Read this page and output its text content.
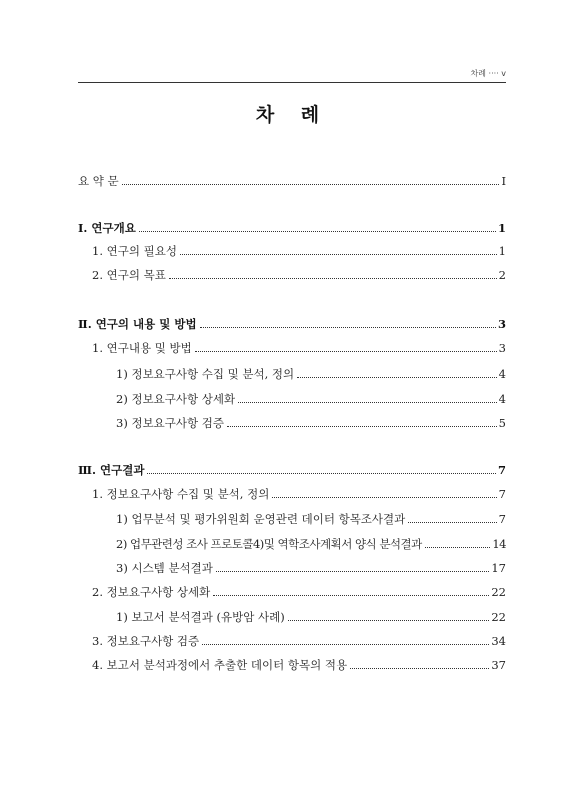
차례 ···· v
차 례
요 약 문	I
Ⅰ. 연구개요	1
1. 연구의 필요성	1
2. 연구의 목표	2
Ⅱ. 연구의 내용 및 방법	3
1. 연구내용 및 방법	3
1) 정보요구사항 수집 및 분석, 정의	4
2) 정보요구사항 상세화	4
3) 정보요구사항 검증	5
Ⅲ. 연구결과	7
1. 정보요구사항 수집 및 분석, 정의	7
1) 업무분석 및 평가위원회 운영관련 데이터 항목조사결과	7
2) 업무관련성 조사 프로토콜4)및 역학조사계획서 양식 분석결과	14
3) 시스템 분석결과	17
2. 정보요구사항 상세화	22
1) 보고서 분석결과 (유방암 사례)	22
3. 정보요구사항 검증	34
4. 보고서 분석과정에서 추출한 데이터 항목의 적용	37
